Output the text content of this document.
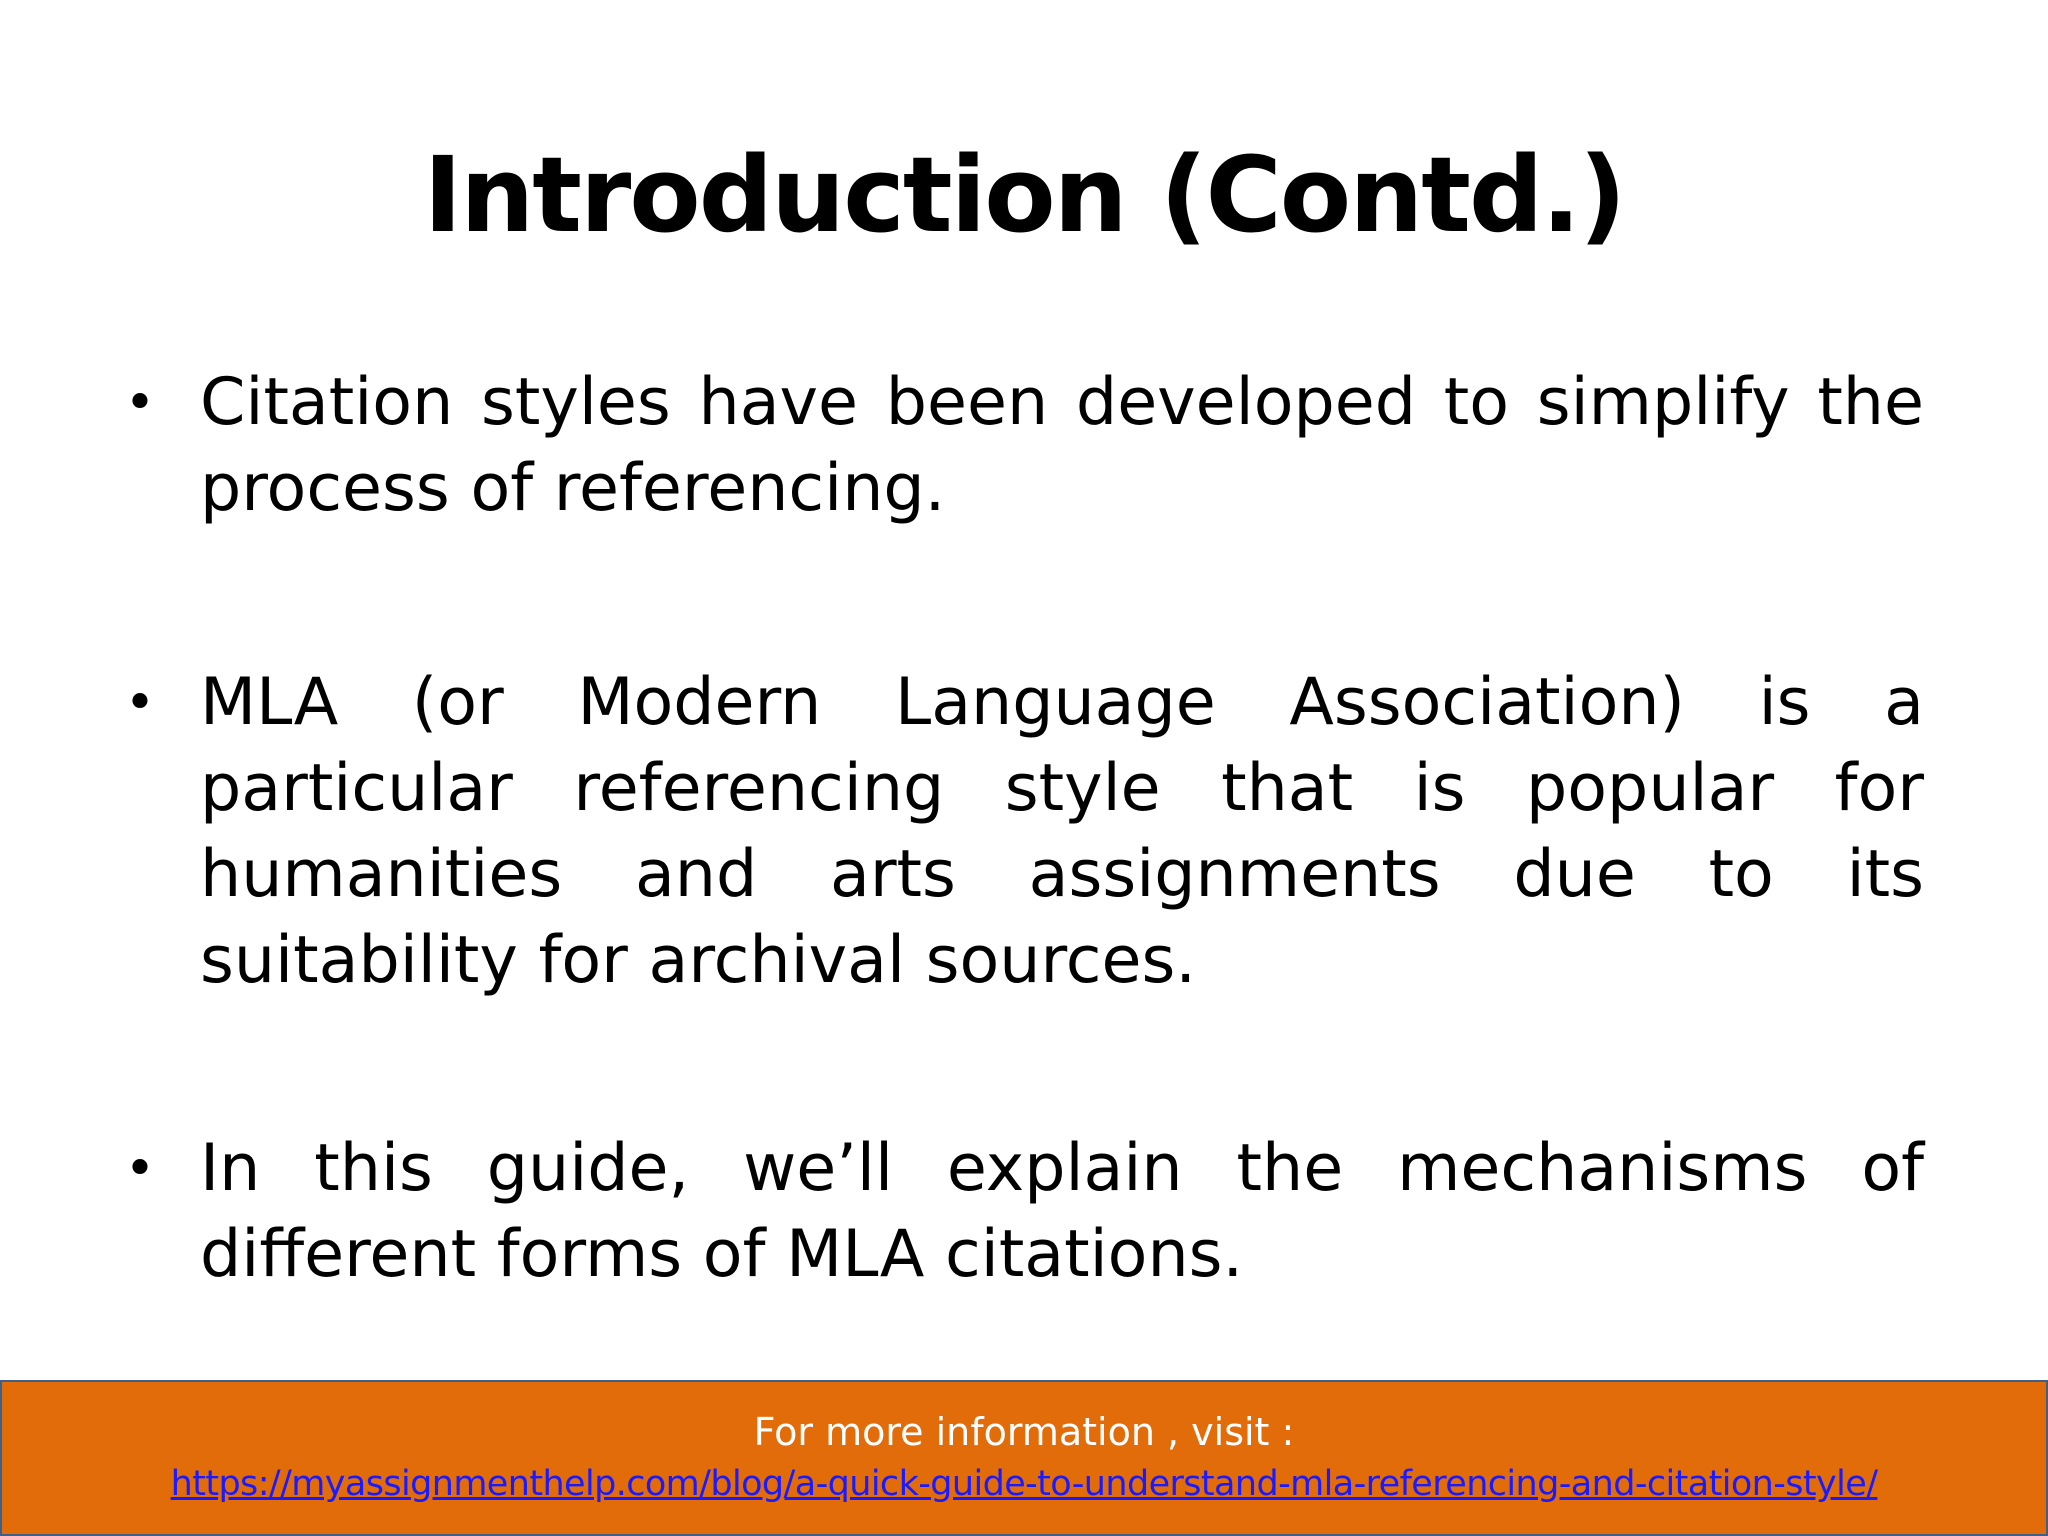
Introduction (Contd.)
• Citation styles have been developed to simplify the process of referencing.
• MLA (or Modern Language Association) is a particular referencing style that is popular for humanities and arts assignments due to its suitability for archival sources.
• In this guide, we’ll explain the mechanisms of different forms of MLA citations.
For more information , visit :
https://myassignmenthelp.com/blog/a-quick-guide-to-understand-mla-referencing-and-citation-style/
